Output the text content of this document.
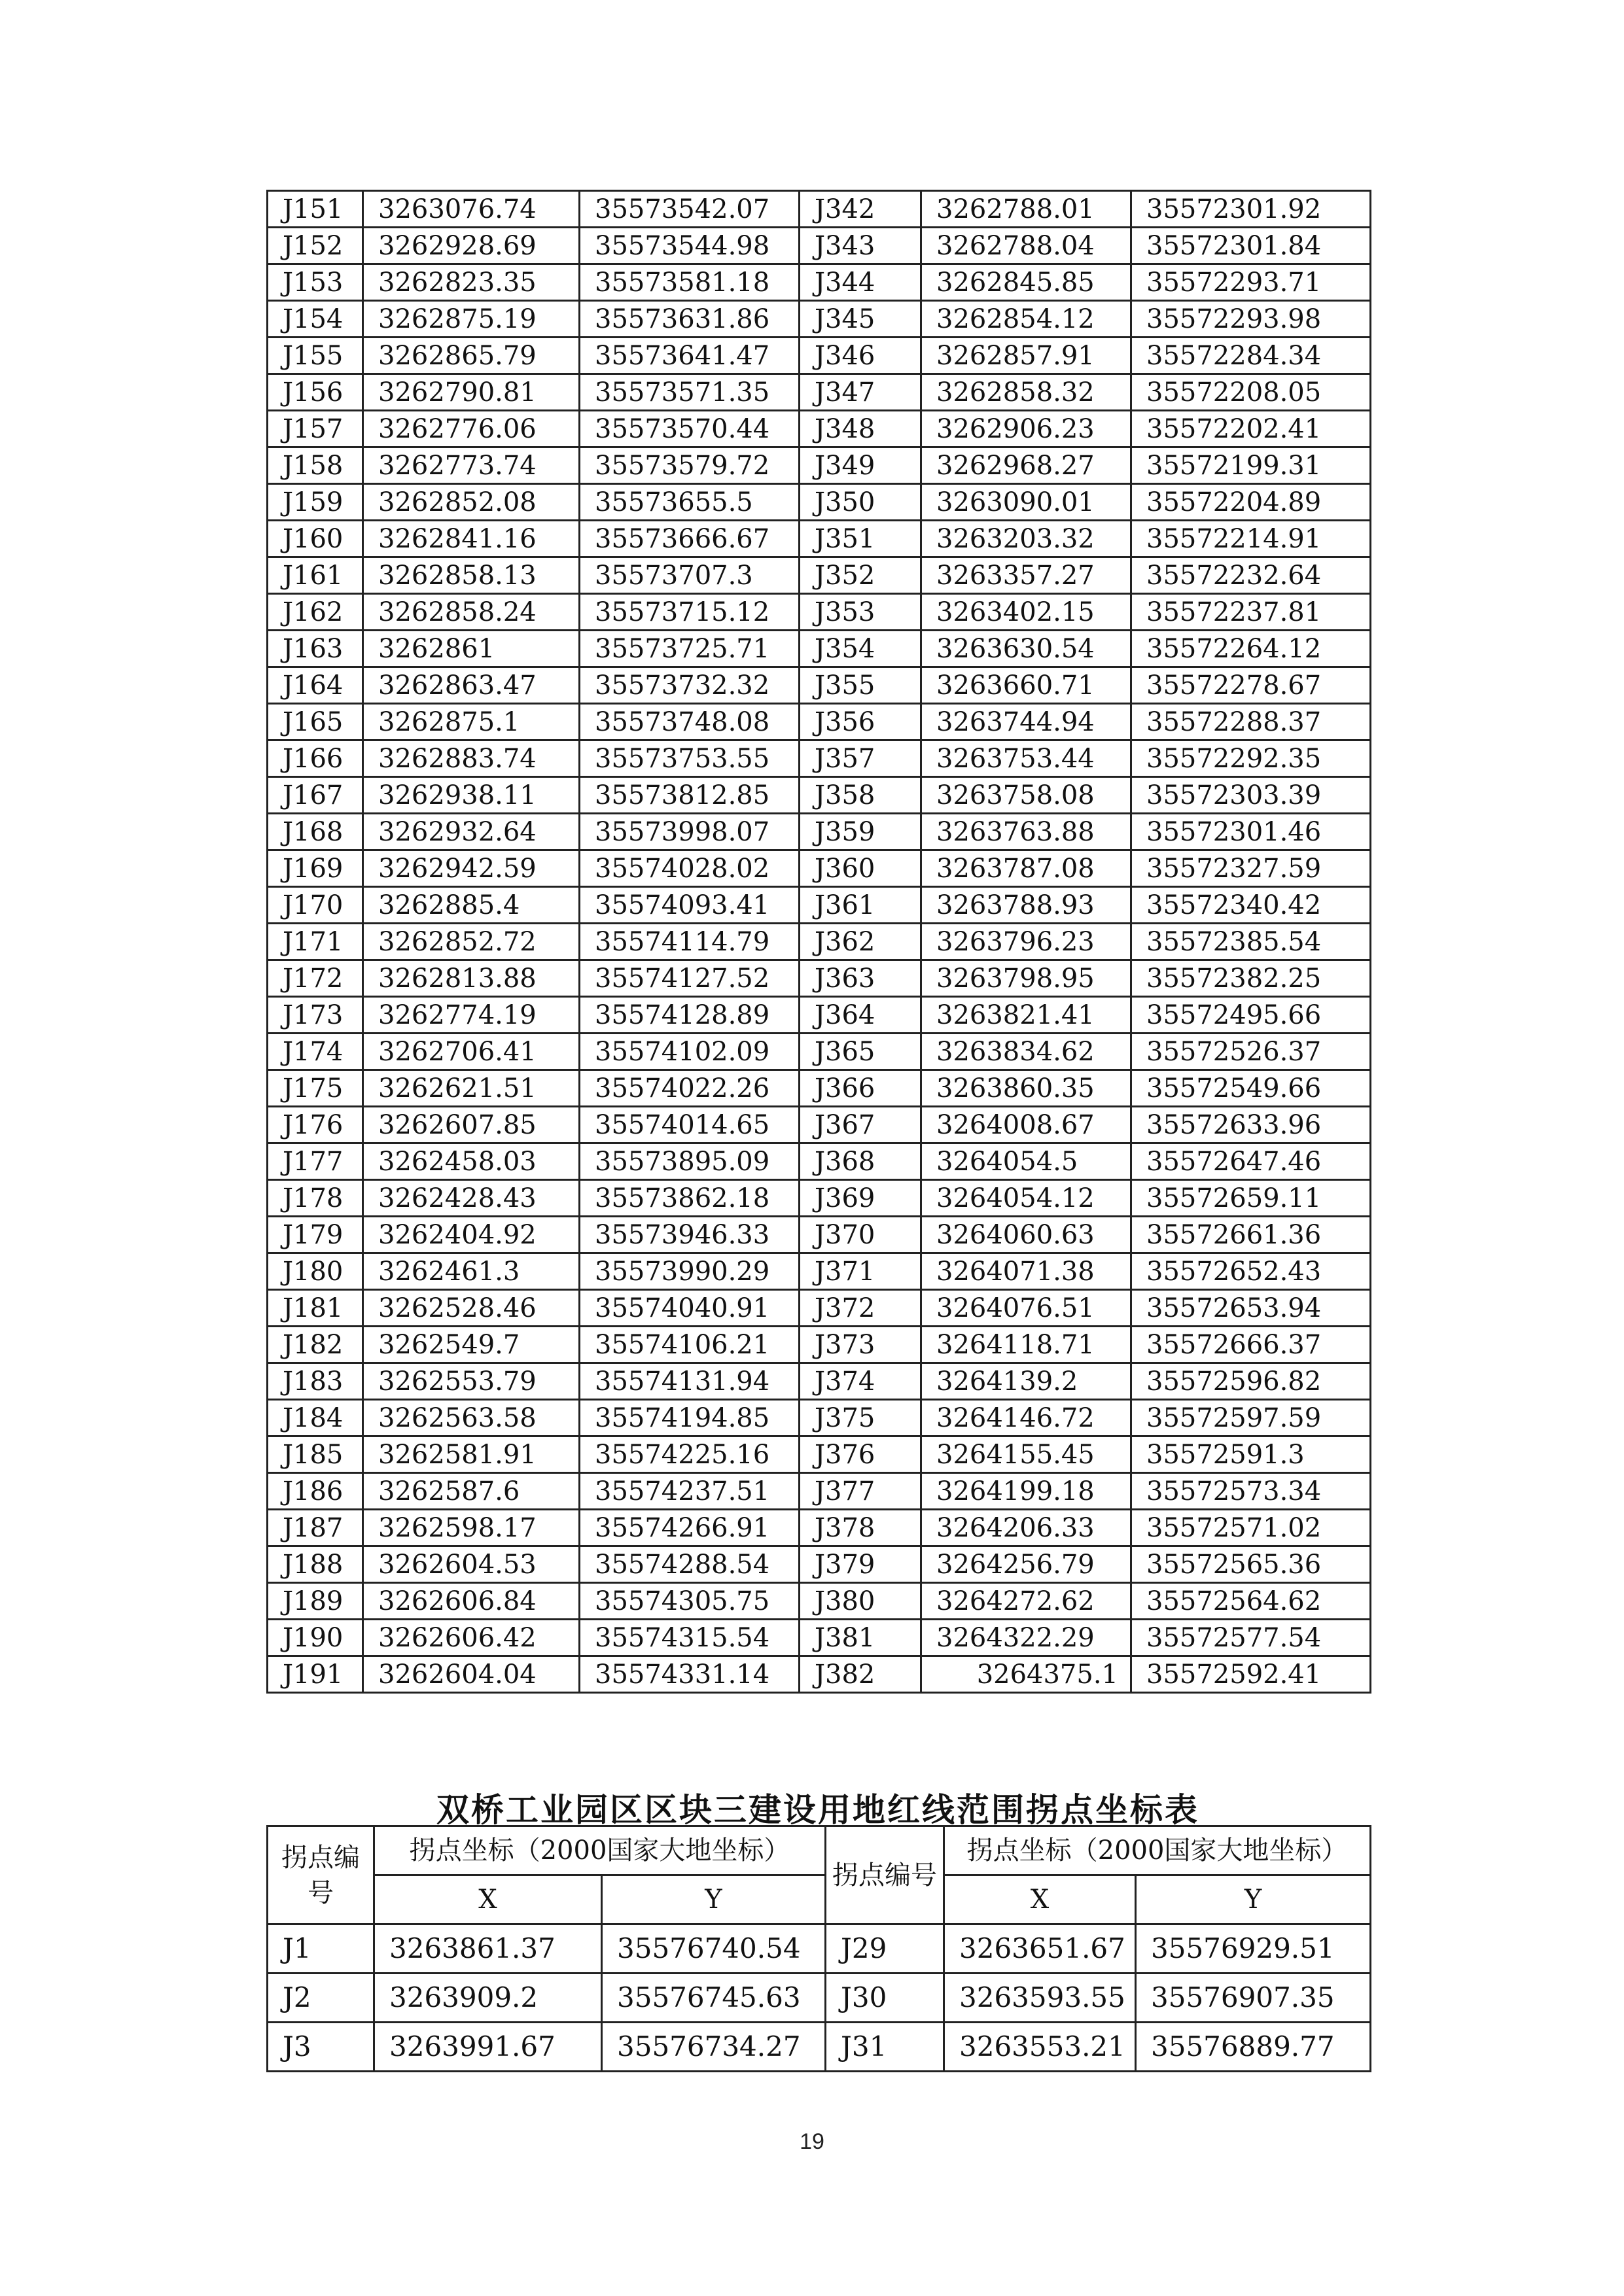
J151	3263076.74	35573542.07	J342	3262788.01	35572301.92
J152	3262928.69	35573544.98	J343	3262788.04	35572301.84
J153	3262823.35	35573581.18	J344	3262845.85	35572293.71
J154	3262875.19	35573631.86	J345	3262854.12	35572293.98
J155	3262865.79	35573641.47	J346	3262857.91	35572284.34
J156	3262790.81	35573571.35	J347	3262858.32	35572208.05
J157	3262776.06	35573570.44	J348	3262906.23	35572202.41
J158	3262773.74	35573579.72	J349	3262968.27	35572199.31
J159	3262852.08	35573655.5	J350	3263090.01	35572204.89
J160	3262841.16	35573666.67	J351	3263203.32	35572214.91
J161	3262858.13	35573707.3	J352	3263357.27	35572232.64
J162	3262858.24	35573715.12	J353	3263402.15	35572237.81
J163	3262861	35573725.71	J354	3263630.54	35572264.12
J164	3262863.47	35573732.32	J355	3263660.71	35572278.67
J165	3262875.1	35573748.08	J356	3263744.94	35572288.37
J166	3262883.74	35573753.55	J357	3263753.44	35572292.35
J167	3262938.11	35573812.85	J358	3263758.08	35572303.39
J168	3262932.64	35573998.07	J359	3263763.88	35572301.46
J169	3262942.59	35574028.02	J360	3263787.08	35572327.59
J170	3262885.4	35574093.41	J361	3263788.93	35572340.42
J171	3262852.72	35574114.79	J362	3263796.23	35572385.54
J172	3262813.88	35574127.52	J363	3263798.95	35572382.25
J173	3262774.19	35574128.89	J364	3263821.41	35572495.66
J174	3262706.41	35574102.09	J365	3263834.62	35572526.37
J175	3262621.51	35574022.26	J366	3263860.35	35572549.66
J176	3262607.85	35574014.65	J367	3264008.67	35572633.96
J177	3262458.03	35573895.09	J368	3264054.5	35572647.46
J178	3262428.43	35573862.18	J369	3264054.12	35572659.11
J179	3262404.92	35573946.33	J370	3264060.63	35572661.36
J180	3262461.3	35573990.29	J371	3264071.38	35572652.43
J181	3262528.46	35574040.91	J372	3264076.51	35572653.94
J182	3262549.7	35574106.21	J373	3264118.71	35572666.37
J183	3262553.79	35574131.94	J374	3264139.2	35572596.82
J184	3262563.58	35574194.85	J375	3264146.72	35572597.59
J185	3262581.91	35574225.16	J376	3264155.45	35572591.3
J186	3262587.6	35574237.51	J377	3264199.18	35572573.34
J187	3262598.17	35574266.91	J378	3264206.33	35572571.02
J188	3262604.53	35574288.54	J379	3264256.79	35572565.36
J189	3262606.84	35574305.75	J380	3264272.62	35572564.62
J190	3262606.42	35574315.54	J381	3264322.29	35572577.54
J191	3262604.04	35574331.14	J382	3264375.1	35572592.41
双桥工业园区区块三建设用地红线范围拐点坐标表
拐点编号	拐点坐标（2000国家大地坐标）		拐点编号	拐点坐标（2000国家大地坐标）	
	X	Y		X	Y
J1	3263861.37	35576740.54	J29	3263651.67	35576929.51
J2	3263909.2	35576745.63	J30	3263593.55	35576907.35
J3	3263991.67	35576734.27	J31	3263553.21	35576889.77
19
